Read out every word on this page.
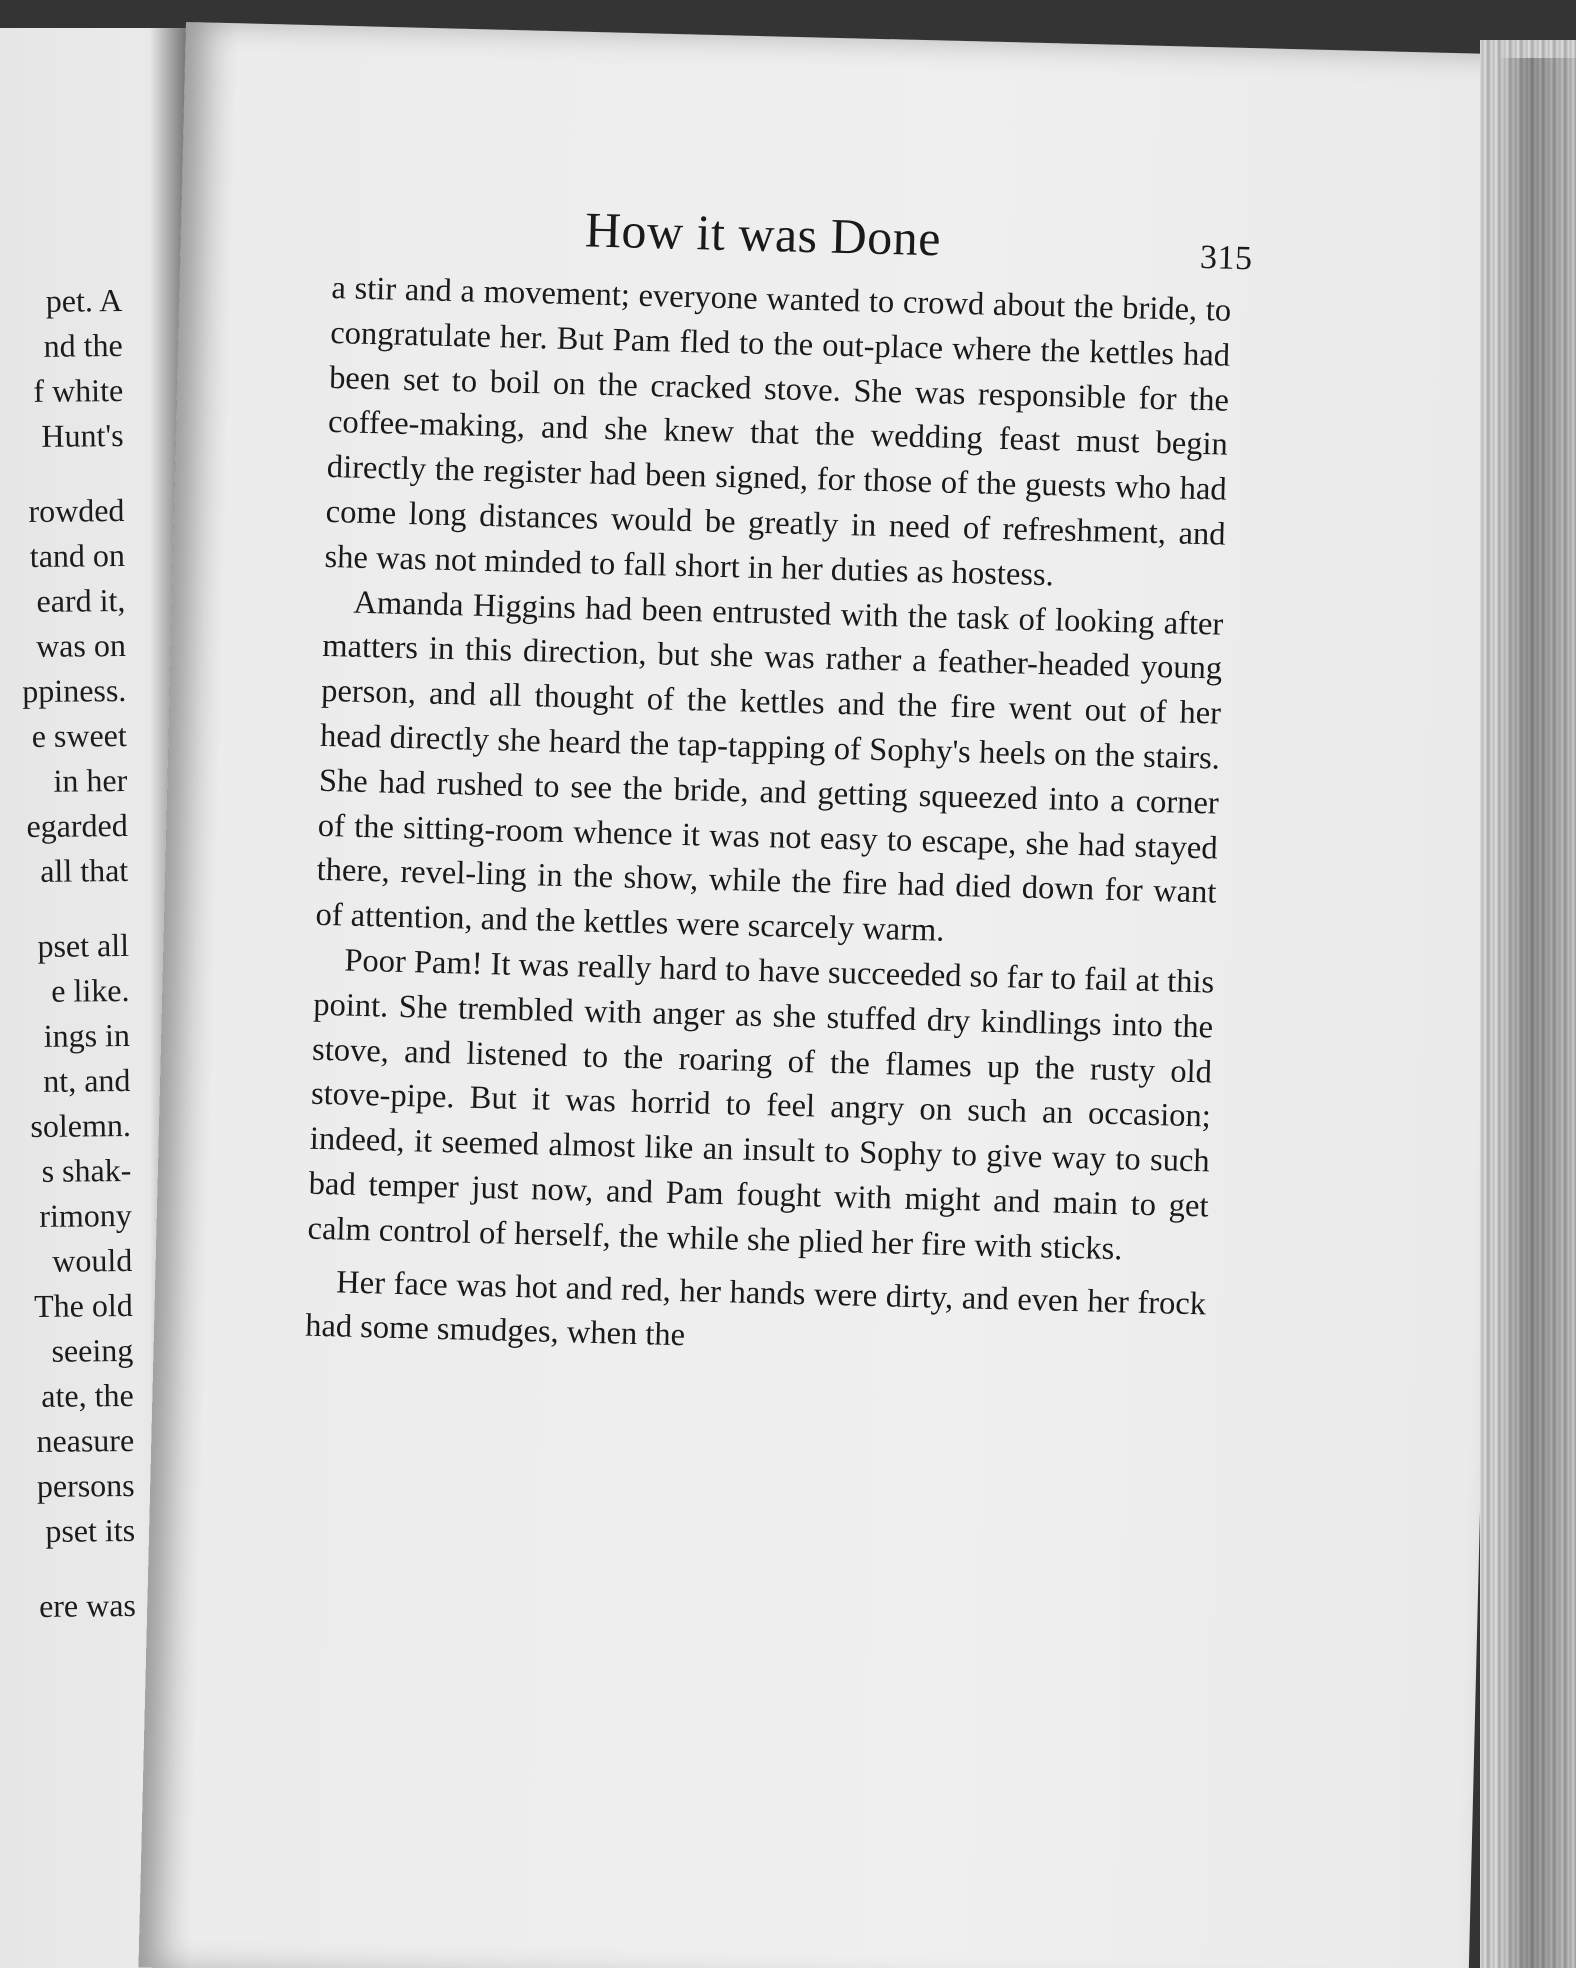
pet. A
nd the
f white
Hunt's
rowded
tand on
eard it,
was on
ppiness.
e sweet
in her
egarded
all that
pset all
e like.
ings in
nt, and
solemn.
s shak-
rimony
would
The old
seeing
ate, the
neasure
persons
pset its
ere was
How it was Done	315

a stir and a movement; everyone wanted to crowd about the bride, to congratulate her. But Pam fled to the out-place where the kettles had been set to boil on the cracked stove. She was responsible for the coffee-making, and she knew that the wedding feast must begin directly the register had been signed, for those of the guests who had come long distances would be greatly in need of refreshment, and she was not minded to fall short in her duties as hostess.

Amanda Higgins had been entrusted with the task of looking after matters in this direction, but she was rather a feather-headed young person, and all thought of the kettles and the fire went out of her head directly she heard the tap-tapping of Sophy's heels on the stairs. She had rushed to see the bride, and getting squeezed into a corner of the sitting-room whence it was not easy to escape, she had stayed there, revel-ling in the show, while the fire had died down for want of attention, and the kettles were scarcely warm.

Poor Pam! It was really hard to have succeeded so far to fail at this point. She trembled with anger as she stuffed dry kindlings into the stove, and listened to the roaring of the flames up the rusty old stove-pipe. But it was horrid to feel angry on such an occasion; indeed, it seemed almost like an insult to Sophy to give way to such bad temper just now, and Pam fought with might and main to get calm control of herself, the while she plied her fire with sticks.

Her face was hot and red, her hands were dirty, and even her frock had some smudges, when the
